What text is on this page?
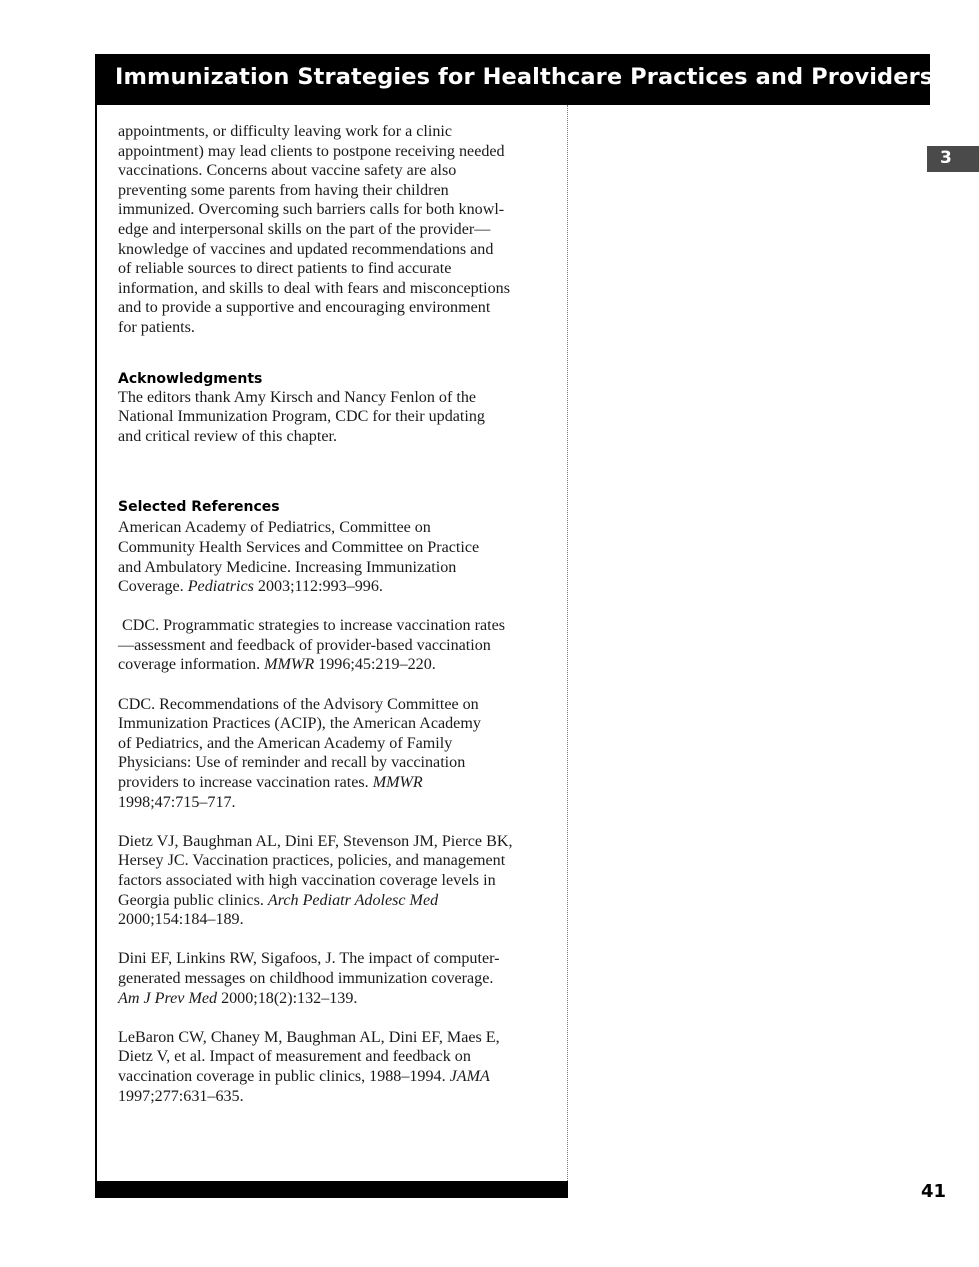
Immunization Strategies for Healthcare Practices and Providers
3
41

appointments, or difficulty leaving work for a clinic
appointment) may lead clients to postpone receiving needed
vaccinations. Concerns about vaccine safety are also
preventing some parents from having their children
immunized. Overcoming such barriers calls for both knowl-
edge and interpersonal skills on the part of the provider—
knowledge of vaccines and updated recommendations and
of reliable sources to direct patients to find accurate
information, and skills to deal with fears and misconceptions
and to provide a supportive and encouraging environment
for patients.

Acknowledgments

The editors thank Amy Kirsch and Nancy Fenlon of the
National Immunization Program, CDC for their updating
and critical review of this chapter.

Selected References

American Academy of Pediatrics, Committee on
Community Health Services and Committee on Practice
and Ambulatory Medicine. Increasing Immunization
Coverage. Pediatrics 2003;112:993–996.

CDC. Programmatic strategies to increase vaccination rates
—assessment and feedback of provider-based vaccination
coverage information. MMWR 1996;45:219–220.

CDC. Recommendations of the Advisory Committee on
Immunization Practices (ACIP), the American Academy
of Pediatrics, and the American Academy of Family
Physicians: Use of reminder and recall by vaccination
providers to increase vaccination rates. MMWR
1998;47:715–717.

Dietz VJ, Baughman AL, Dini EF, Stevenson JM, Pierce BK,
Hersey JC. Vaccination practices, policies, and management
factors associated with high vaccination coverage levels in
Georgia public clinics. Arch Pediatr Adolesc Med
2000;154:184–189.

Dini EF, Linkins RW, Sigafoos, J. The impact of computer-
generated messages on childhood immunization coverage.
Am J Prev Med 2000;18(2):132–139.

LeBaron CW, Chaney M, Baughman AL, Dini EF, Maes E,
Dietz V, et al. Impact of measurement and feedback on
vaccination coverage in public clinics, 1988–1994. JAMA
1997;277:631–635.
